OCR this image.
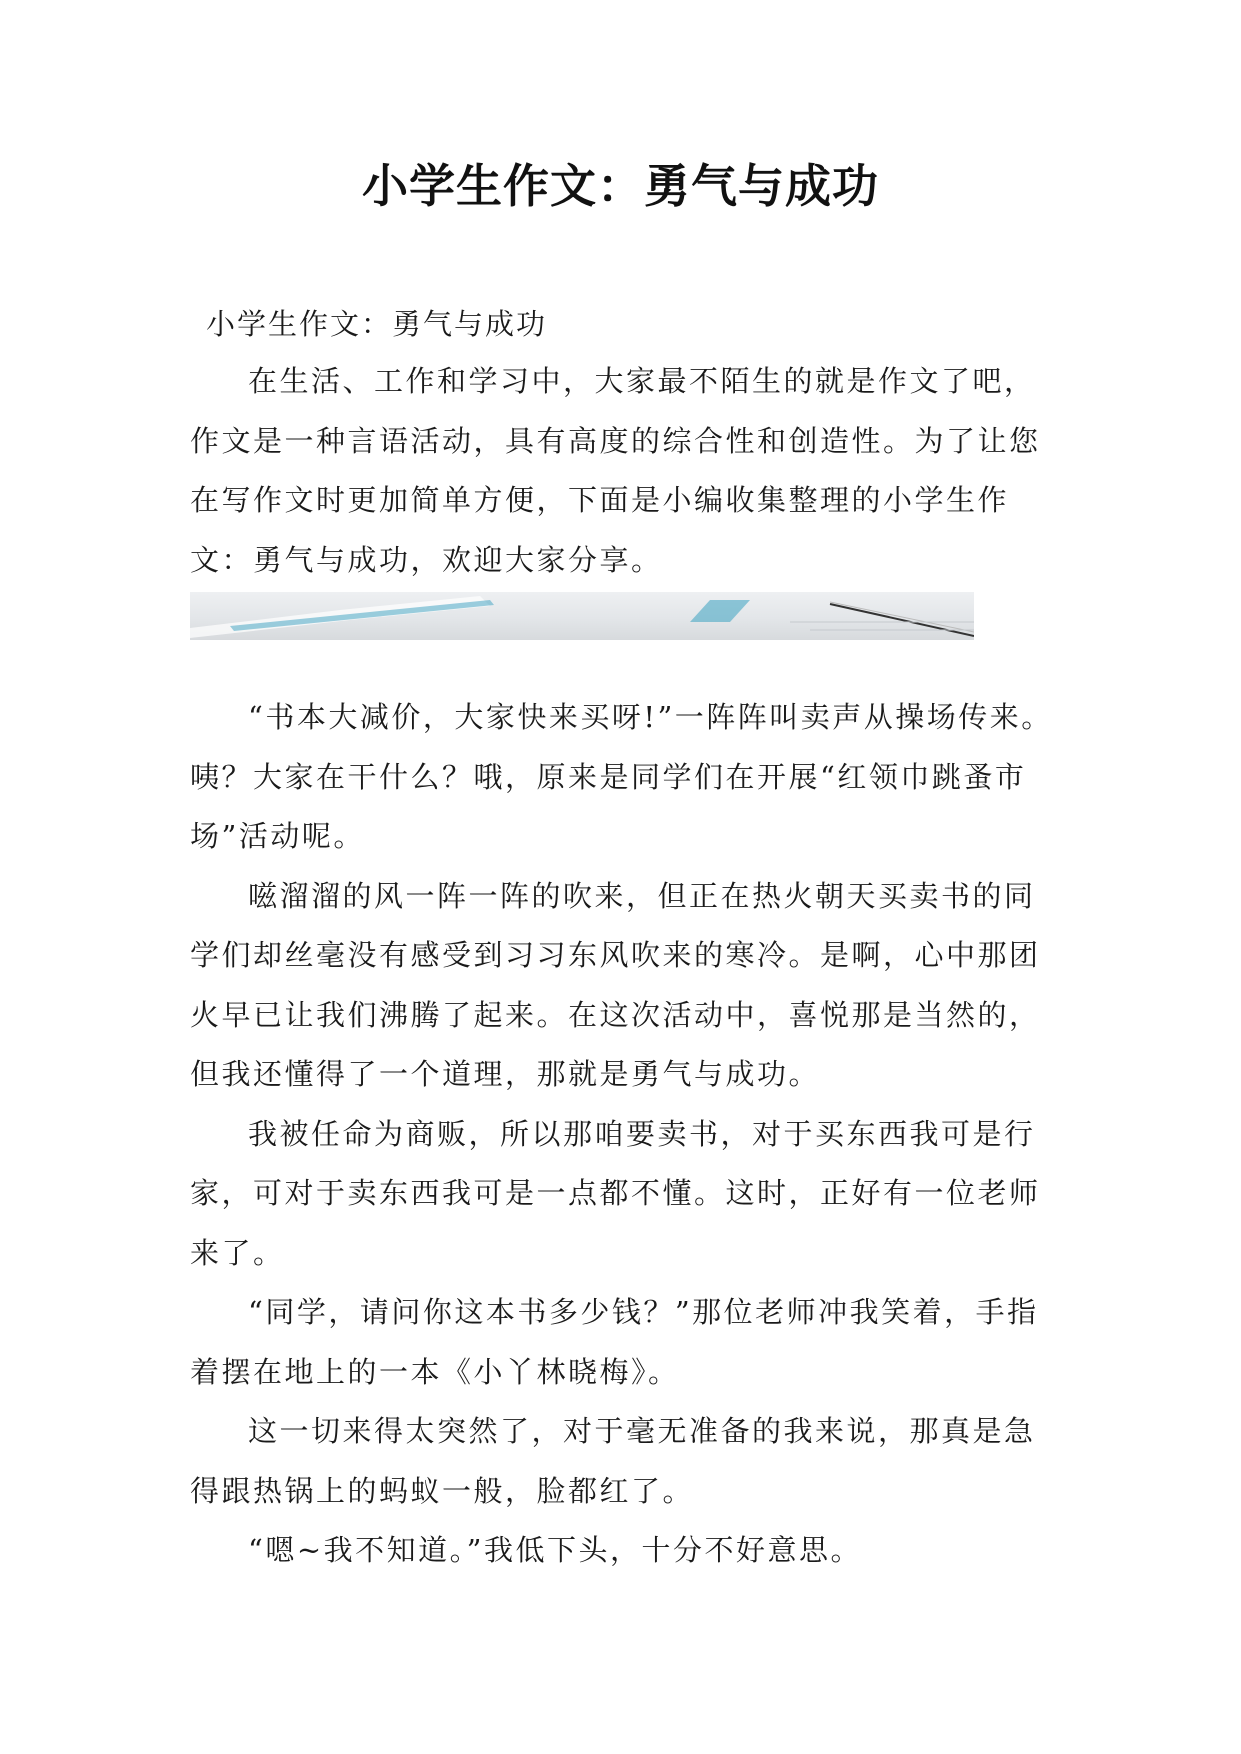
小学生作文：勇气与成功
小学生作文：勇气与成功

在生活、工作和学习中，大家最不陌生的就是作文了吧，作文是一种言语活动，具有高度的综合性和创造性。为了让您在写作文时更加简单方便，下面是小编收集整理的小学生作文：勇气与成功，欢迎大家分享。

“书本大减价，大家快来买呀!”一阵阵叫卖声从操场传来。咦？大家在干什么？哦，原来是同学们在开展“红领巾跳蚤市场”活动呢。

嗞溜溜的风一阵一阵的吹来，但正在热火朝天买卖书的同学们却丝毫没有感受到习习东风吹来的寒冷。是啊，心中那团火早已让我们沸腾了起来。在这次活动中，喜悦那是当然的，但我还懂得了一个道理，那就是勇气与成功。

我被任命为商贩，所以那咱要卖书，对于买东西我可是行家，可对于卖东西我可是一点都不懂。这时，正好有一位老师来了。

“同学，请问你这本书多少钱？”那位老师冲我笑着，手指着摆在地上的一本《小丫林晓梅》。

这一切来得太突然了，对于毫无准备的我来说，那真是急得跟热锅上的蚂蚁一般，脸都红了。

“嗯~我不知道。”我低下头，十分不好意思。
